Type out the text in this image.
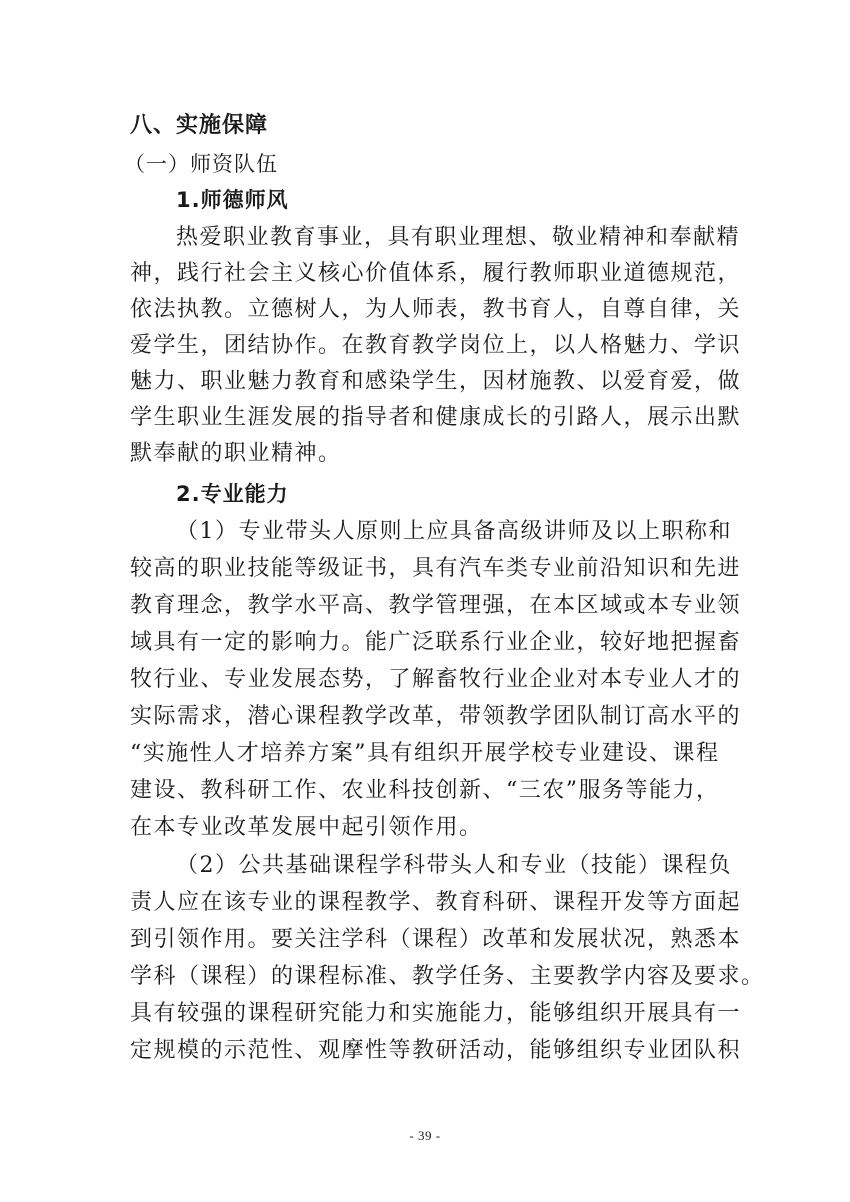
八、实施保障
（一）师资队伍
1.师德师风
热爱职业教育事业，具有职业理想、敬业精神和奉献精
神，践行社会主义核心价值体系，履行教师职业道德规范，
依法执教。立德树人，为人师表，教书育人，自尊自律，关
爱学生，团结协作。在教育教学岗位上，以人格魅力、学识
魅力、职业魅力教育和感染学生，因材施教、以爱育爱，做
学生职业生涯发展的指导者和健康成长的引路人，展示出默
默奉献的职业精神。
2.专业能力
（1）专业带头人原则上应具备高级讲师及以上职称和
较高的职业技能等级证书，具有汽车类专业前沿知识和先进
教育理念，教学水平高、教学管理强，在本区域或本专业领
域具有一定的影响力。能广泛联系行业企业，较好地把握畜
牧行业、专业发展态势，了解畜牧行业企业对本专业人才的
实际需求，潜心课程教学改革，带领教学团队制订高水平的
“实施性人才培养方案”具有组织开展学校专业建设、课程
建设、教科研工作、农业科技创新、“三农”服务等能力，
在本专业改革发展中起引领作用。
（2）公共基础课程学科带头人和专业（技能）课程负
责人应在该专业的课程教学、教育科研、课程开发等方面起
到引领作用。要关注学科（课程）改革和发展状况，熟悉本
学科（课程）的课程标准、教学任务、主要教学内容及要求。
具有较强的课程研究能力和实施能力，能够组织开展具有一
定规模的示范性、观摩性等教研活动，能够组织专业团队积
- 39 -
